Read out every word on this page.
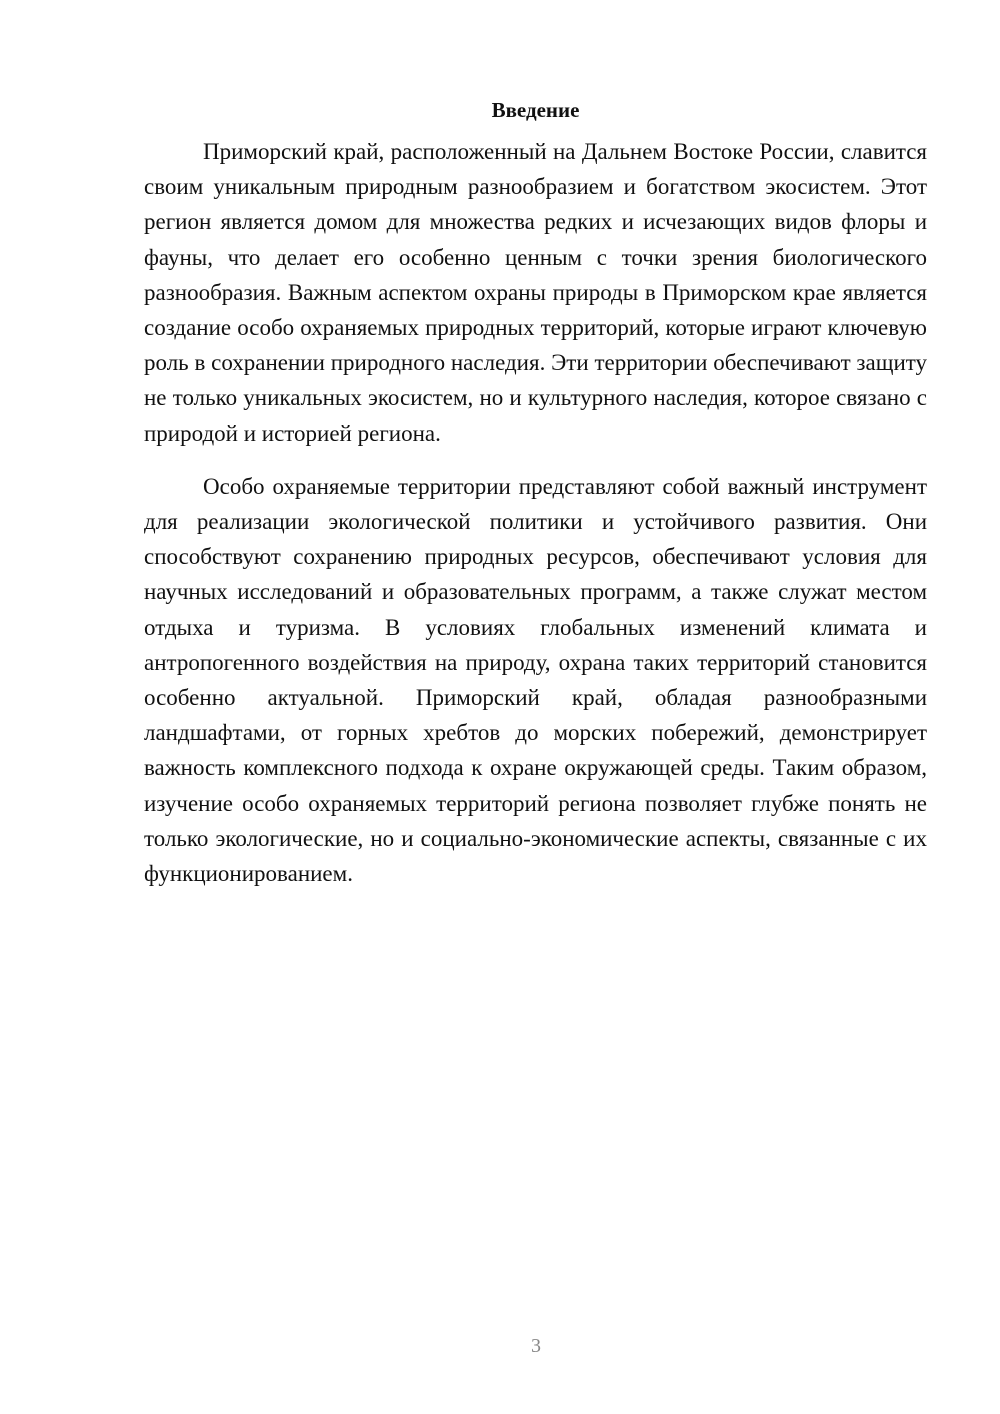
Введение

Приморский край, расположенный на Дальнем Востоке России, славится своим уникальным природным разнообразием и богатством экосистем. Этот регион является домом для множества редких и исчезающих видов флоры и фауны, что делает его особенно ценным с точки зрения биологического разнообразия. Важным аспектом охраны природы в Приморском крае является создание особо охраняемых природных территорий, которые играют ключевую роль в сохранении природного наследия. Эти территории обеспечивают защиту не только уникальных экосистем, но и культурного наследия, которое связано с природой и историей региона.

Особо охраняемые территории представляют собой важный инструмент для реализации экологической политики и устойчивого развития. Они способствуют сохранению природных ресурсов, обеспечивают условия для научных исследований и образовательных программ, а также служат местом отдыха и туризма. В условиях глобальных изменений климата и антропогенного воздействия на природу, охрана таких территорий становится особенно актуальной. Приморский край, обладая разнообразными ландшафтами, от горных хребтов до морских побережий, демонстрирует важность комплексного подхода к охране окружающей среды. Таким образом, изучение особо охраняемых территорий региона позволяет глубже понять не только экологические, но и социально-экономические аспекты, связанные с их функционированием.

3
